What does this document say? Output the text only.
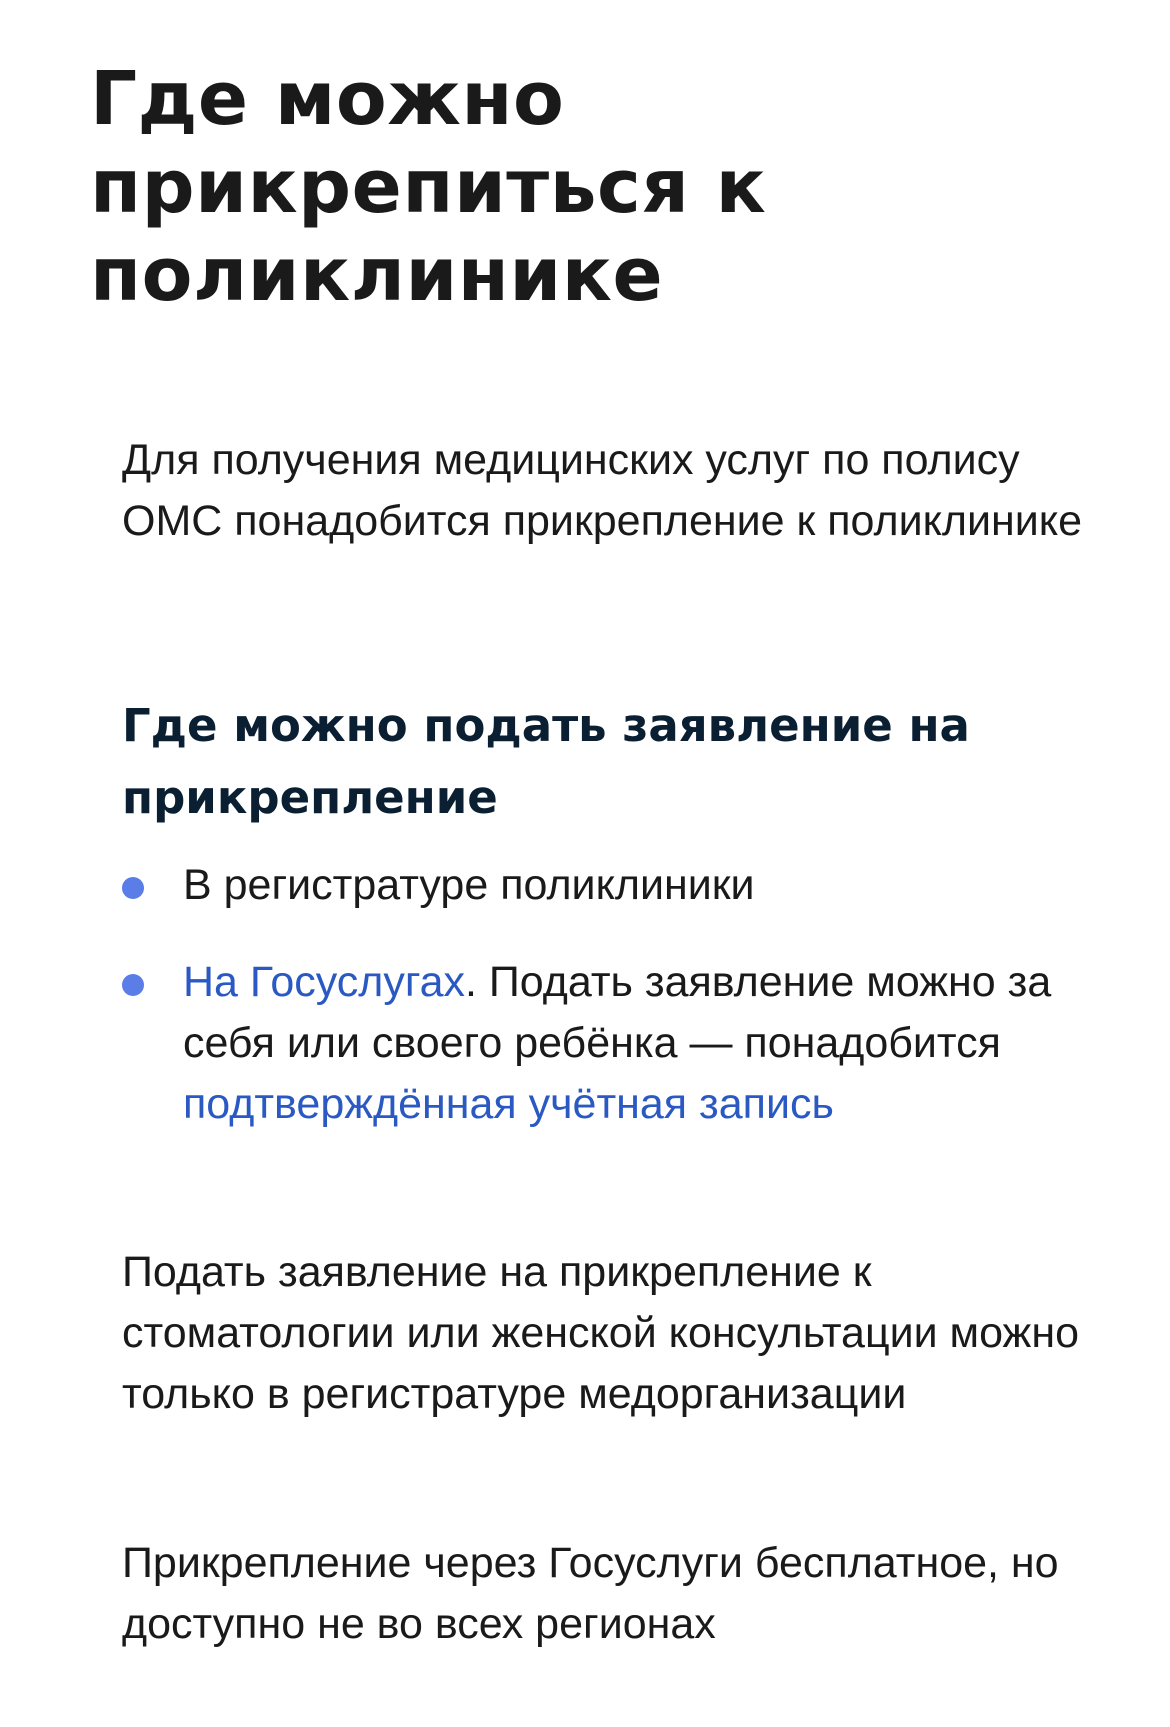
Где можно прикрепиться к поликлинике

Для получения медицинских услуг по полису ОМС понадобится прикрепление к поликлинике

Где можно подать заявление на прикрепление
В регистратуре поликлиники
На Госуслугах. Подать заявление можно за себя или своего ребёнка — понадобится подтверждённая учётная запись

Подать заявление на прикрепление к стоматологии или женской консультации можно только в регистратуре медорганизации

Прикрепление через Госуслуги бесплатное, но доступно не во всех регионах
